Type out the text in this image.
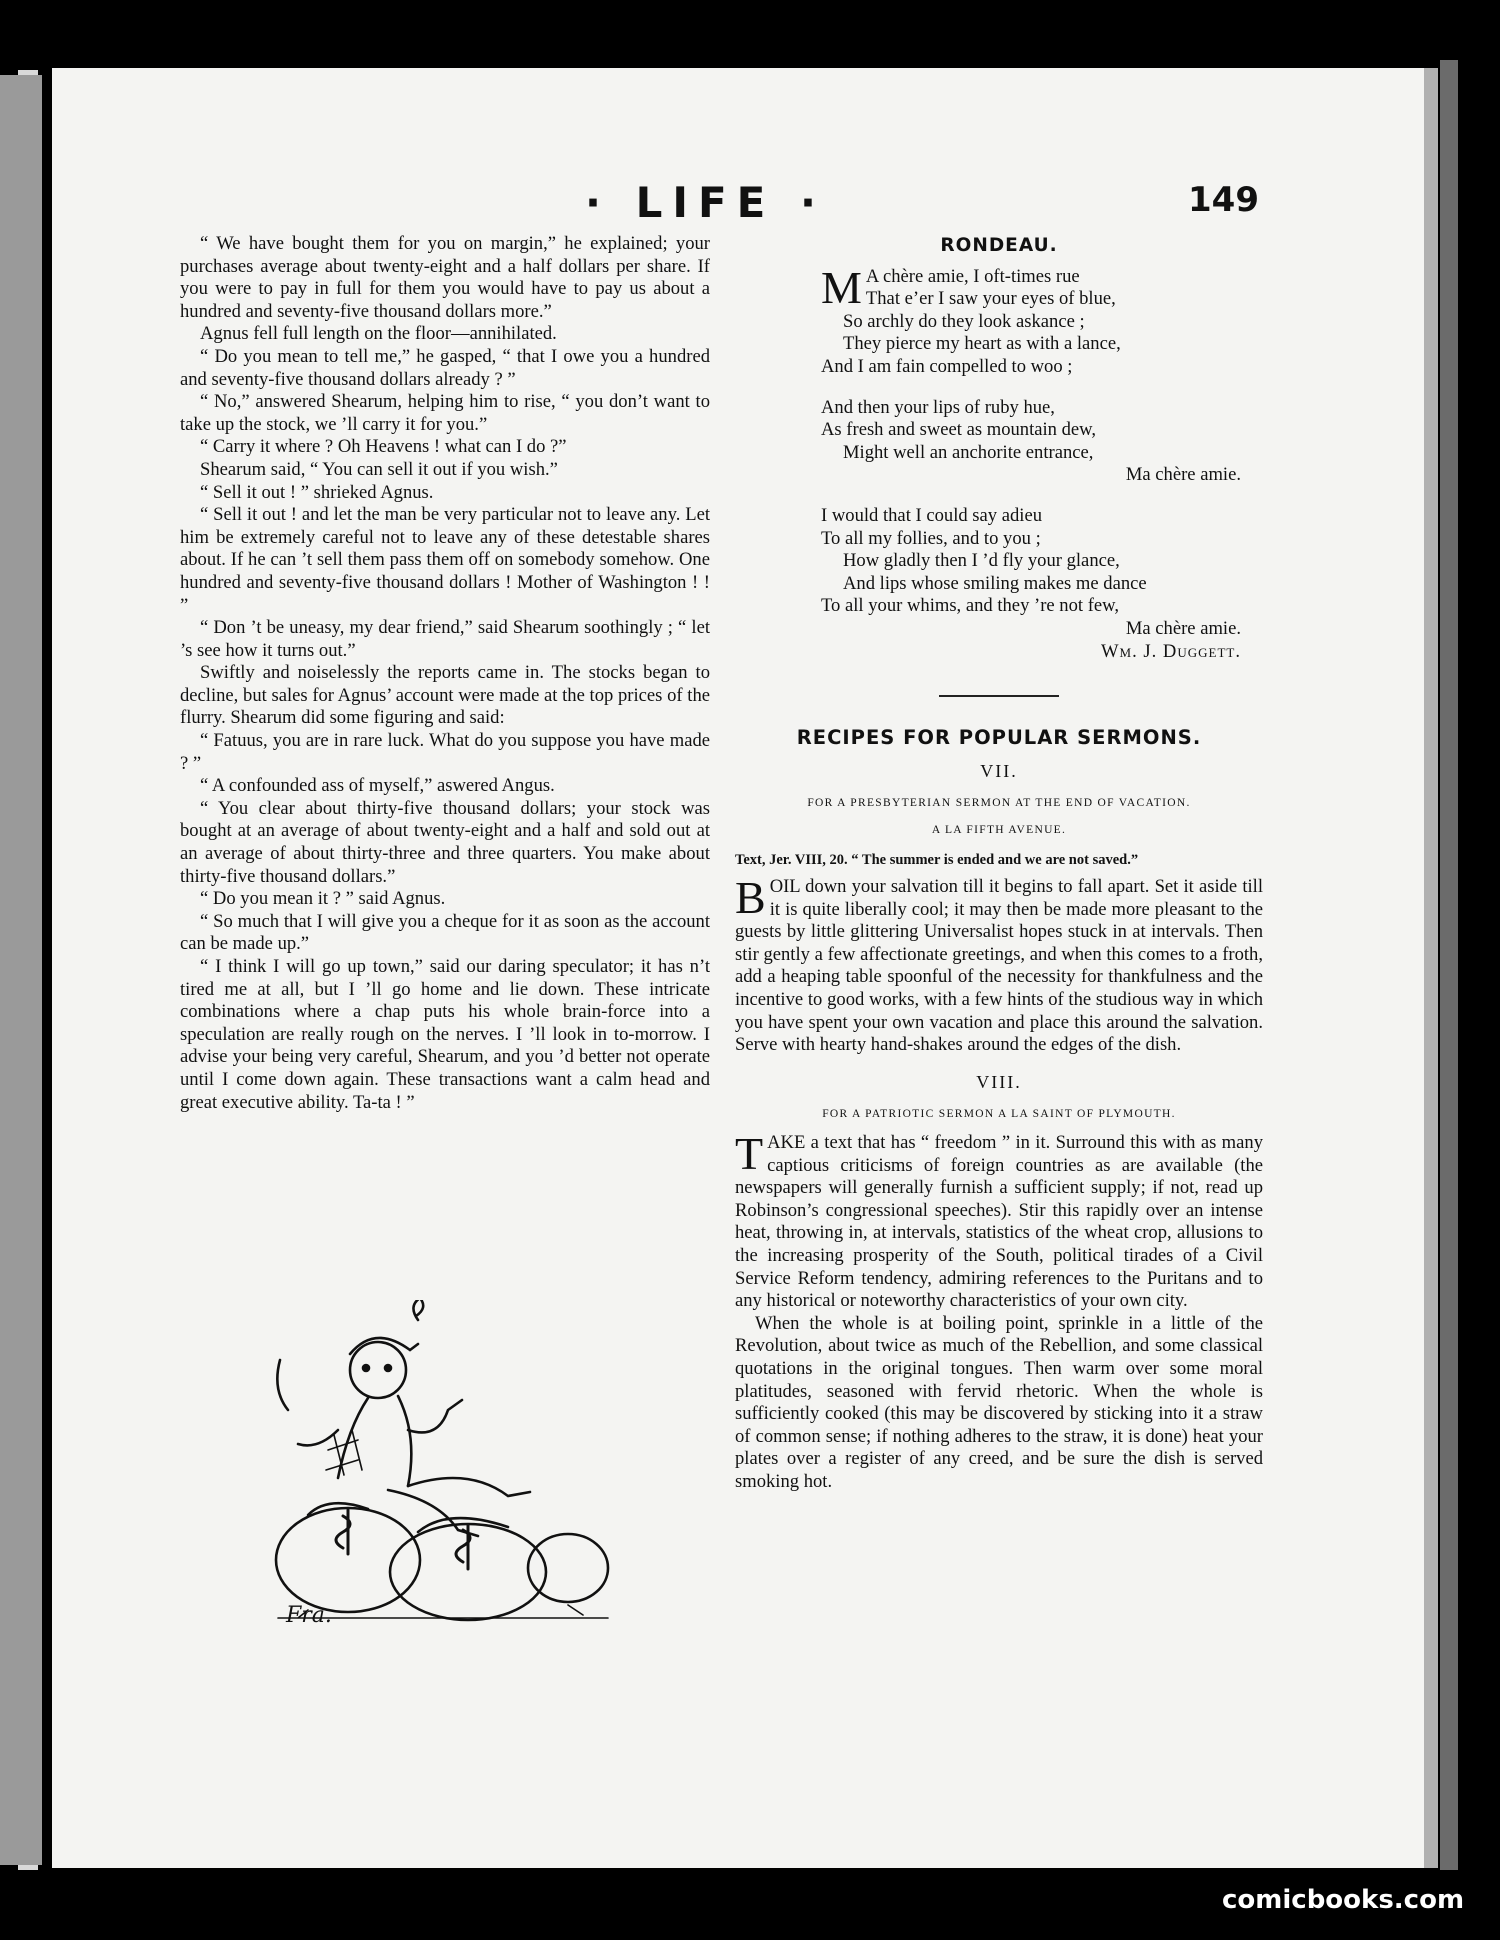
· LIFE ·	149

“ We have bought them for you on margin,” he explained; your purchases average about twenty-eight and a half dollars per share. If you were to pay in full for them you would have to pay us about a hundred and seventy-five thousand dollars more.”

Agnus fell full length on the floor—annihilated.

“ Do you mean to tell me,” he gasped, “ that I owe you a hundred and seventy-five thousand dollars already ? ”

“ No,” answered Shearum, helping him to rise, “ you don’t want to take up the stock, we ’ll carry it for you.”

“ Carry it where ? Oh Heavens ! what can I do ?”

Shearum said, “ You can sell it out if you wish.”

“ Sell it out ! ” shrieked Agnus.

“ Sell it out ! and let the man be very particular not to leave any. Let him be extremely careful not to leave any of these detestable shares about. If he can ’t sell them pass them off on somebody somehow. One hundred and seventy-five thousand dollars ! Mother of Washington ! ! ”

“ Don ’t be uneasy, my dear friend,” said Shearum soothingly ; “ let ’s see how it turns out.”

Swiftly and noiselessly the reports came in. The stocks began to decline, but sales for Agnus’ account were made at the top prices of the flurry. Shearum did some figuring and said:

“ Fatuus, you are in rare luck. What do you suppose you have made ? ”

“ A confounded ass of myself,” aswered Angus.

“ You clear about thirty-five thousand dollars; your stock was bought at an average of about twenty-eight and a half and sold out at an average of about thirty-three and three quarters. You make about thirty-five thousand dollars.”

“ Do you mean it ? ” said Agnus.

“ So much that I will give you a cheque for it as soon as the account can be made up.”

“ I think I will go up town,” said our daring speculator; it has n’t tired me at all, but I ’ll go home and lie down. These intricate combinations where a chap puts his whole brain-force into a speculation are really rough on the nerves. I ’ll look in to-morrow. I advise your being very careful, Shearum, and you ’d better not operate until I come down again. These transactions want a calm head and great executive ability. Ta-ta ! ”

Fra.
RONDEAU.
M A chère amie, I oft-times rue
That e’er I saw your eyes of blue,
So archly do they look askance ;
They pierce my heart as with a lance,
And I am fain compelled to woo ;
And then your lips of ruby hue,
As fresh and sweet as mountain dew,
Might well an anchorite entrance,
Ma chère amie.
I would that I could say adieu
To all my follies, and to you ;
How gladly then I ’d fly your glance,
And lips whose smiling makes me dance
To all your whims, and they ’re not few,
Ma chère amie.
Wm. J. Duggett.
RECIPES FOR POPULAR SERMONS.
VII.
FOR A PRESBYTERIAN SERMON AT THE END OF VACATION.
A LA FIFTH AVENUE.
Text, Jer. VIII, 20. “ The summer is ended and we are not saved.”

BOIL down your salvation till it begins to fall apart. Set it aside till it is quite liberally cool; it may then be made more pleasant to the guests by little glittering Universalist hopes stuck in at intervals. Then stir gently a few affectionate greetings, and when this comes to a froth, add a heaping table spoonful of the necessity for thankfulness and the incentive to good works, with a few hints of the studious way in which you have spent your own vacation and place this around the salvation. Serve with hearty hand-shakes around the edges of the dish.

VIII.
FOR A PATRIOTIC SERMON A LA SAINT OF PLYMOUTH.

TAKE a text that has “ freedom ” in it. Surround this with as many captious criticisms of foreign countries as are available (the newspapers will generally furnish a sufficient supply; if not, read up Robinson’s congressional speeches). Stir this rapidly over an intense heat, throwing in, at intervals, statistics of the wheat crop, allusions to the increasing prosperity of the South, political tirades of a Civil Service Reform tendency, admiring references to the Puritans and to any historical or noteworthy characteristics of your own city.

When the whole is at boiling point, sprinkle in a little of the Revolution, about twice as much of the Rebellion, and some classical quotations in the original tongues. Then warm over some moral platitudes, seasoned with fervid rhetoric. When the whole is sufficiently cooked (this may be discovered by sticking into it a straw of common sense; if nothing adheres to the straw, it is done) heat your plates over a register of any creed, and be sure the dish is served smoking hot.

comicbooks.com
